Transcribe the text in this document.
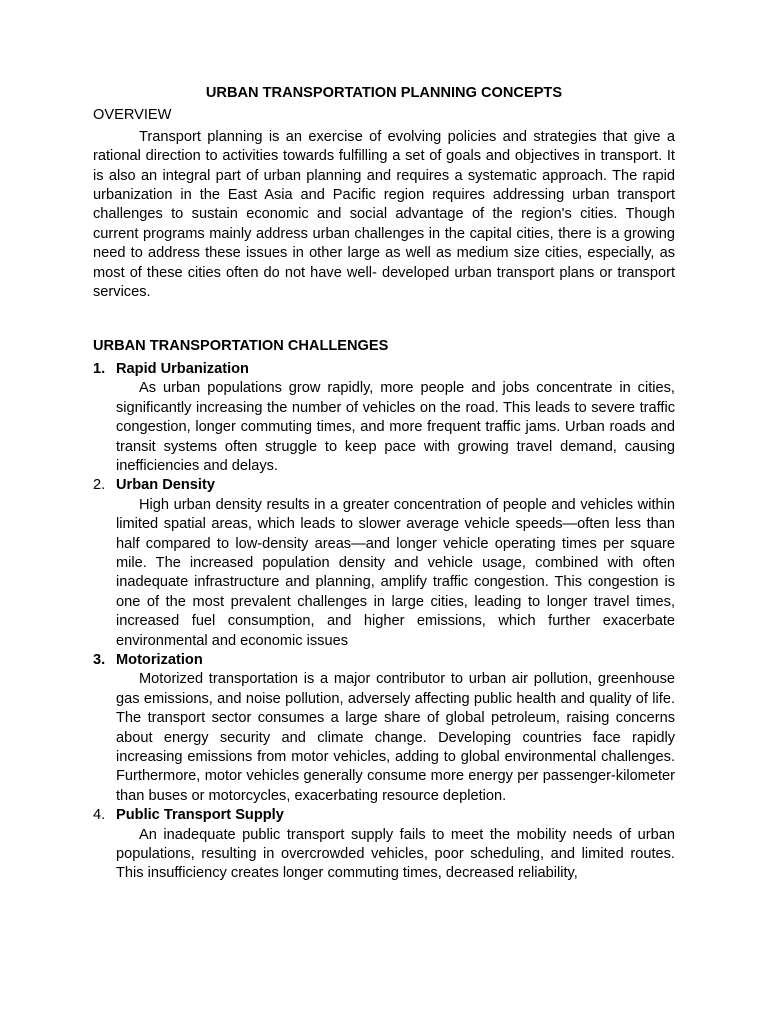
URBAN TRANSPORTATION PLANNING CONCEPTS
OVERVIEW

Transport planning is an exercise of evolving policies and strategies that give a rational direction to activities towards fulfilling a set of goals and objectives in transport. It is also an integral part of urban planning and requires a systematic approach. The rapid urbanization in the East Asia and Pacific region requires addressing urban transport challenges to sustain economic and social advantage of the region's cities. Though current programs mainly address urban challenges in the capital cities, there is a growing need to address these issues in other large as well as medium size cities, especially, as most of these cities often do not have well- developed urban transport plans or transport services.

URBAN TRANSPORTATION CHALLENGES
1. Rapid Urbanization

As urban populations grow rapidly, more people and jobs concentrate in cities, significantly increasing the number of vehicles on the road. This leads to severe traffic congestion, longer commuting times, and more frequent traffic jams. Urban roads and transit systems often struggle to keep pace with growing travel demand, causing inefficiencies and delays.

2. Urban Density

High urban density results in a greater concentration of people and vehicles within limited spatial areas, which leads to slower average vehicle speeds—often less than half compared to low-density areas—and longer vehicle operating times per square mile. The increased population density and vehicle usage, combined with often inadequate infrastructure and planning, amplify traffic congestion. This congestion is one of the most prevalent challenges in large cities, leading to longer travel times, increased fuel consumption, and higher emissions, which further exacerbate environmental and economic issues

3. Motorization

Motorized transportation is a major contributor to urban air pollution, greenhouse gas emissions, and noise pollution, adversely affecting public health and quality of life. The transport sector consumes a large share of global petroleum, raising concerns about energy security and climate change. Developing countries face rapidly increasing emissions from motor vehicles, adding to global environmental challenges. Furthermore, motor vehicles generally consume more energy per passenger-kilometer than buses or motorcycles, exacerbating resource depletion.

4. Public Transport Supply

An inadequate public transport supply fails to meet the mobility needs of urban populations, resulting in overcrowded vehicles, poor scheduling, and limited routes. This insufficiency creates longer commuting times, decreased reliability,
